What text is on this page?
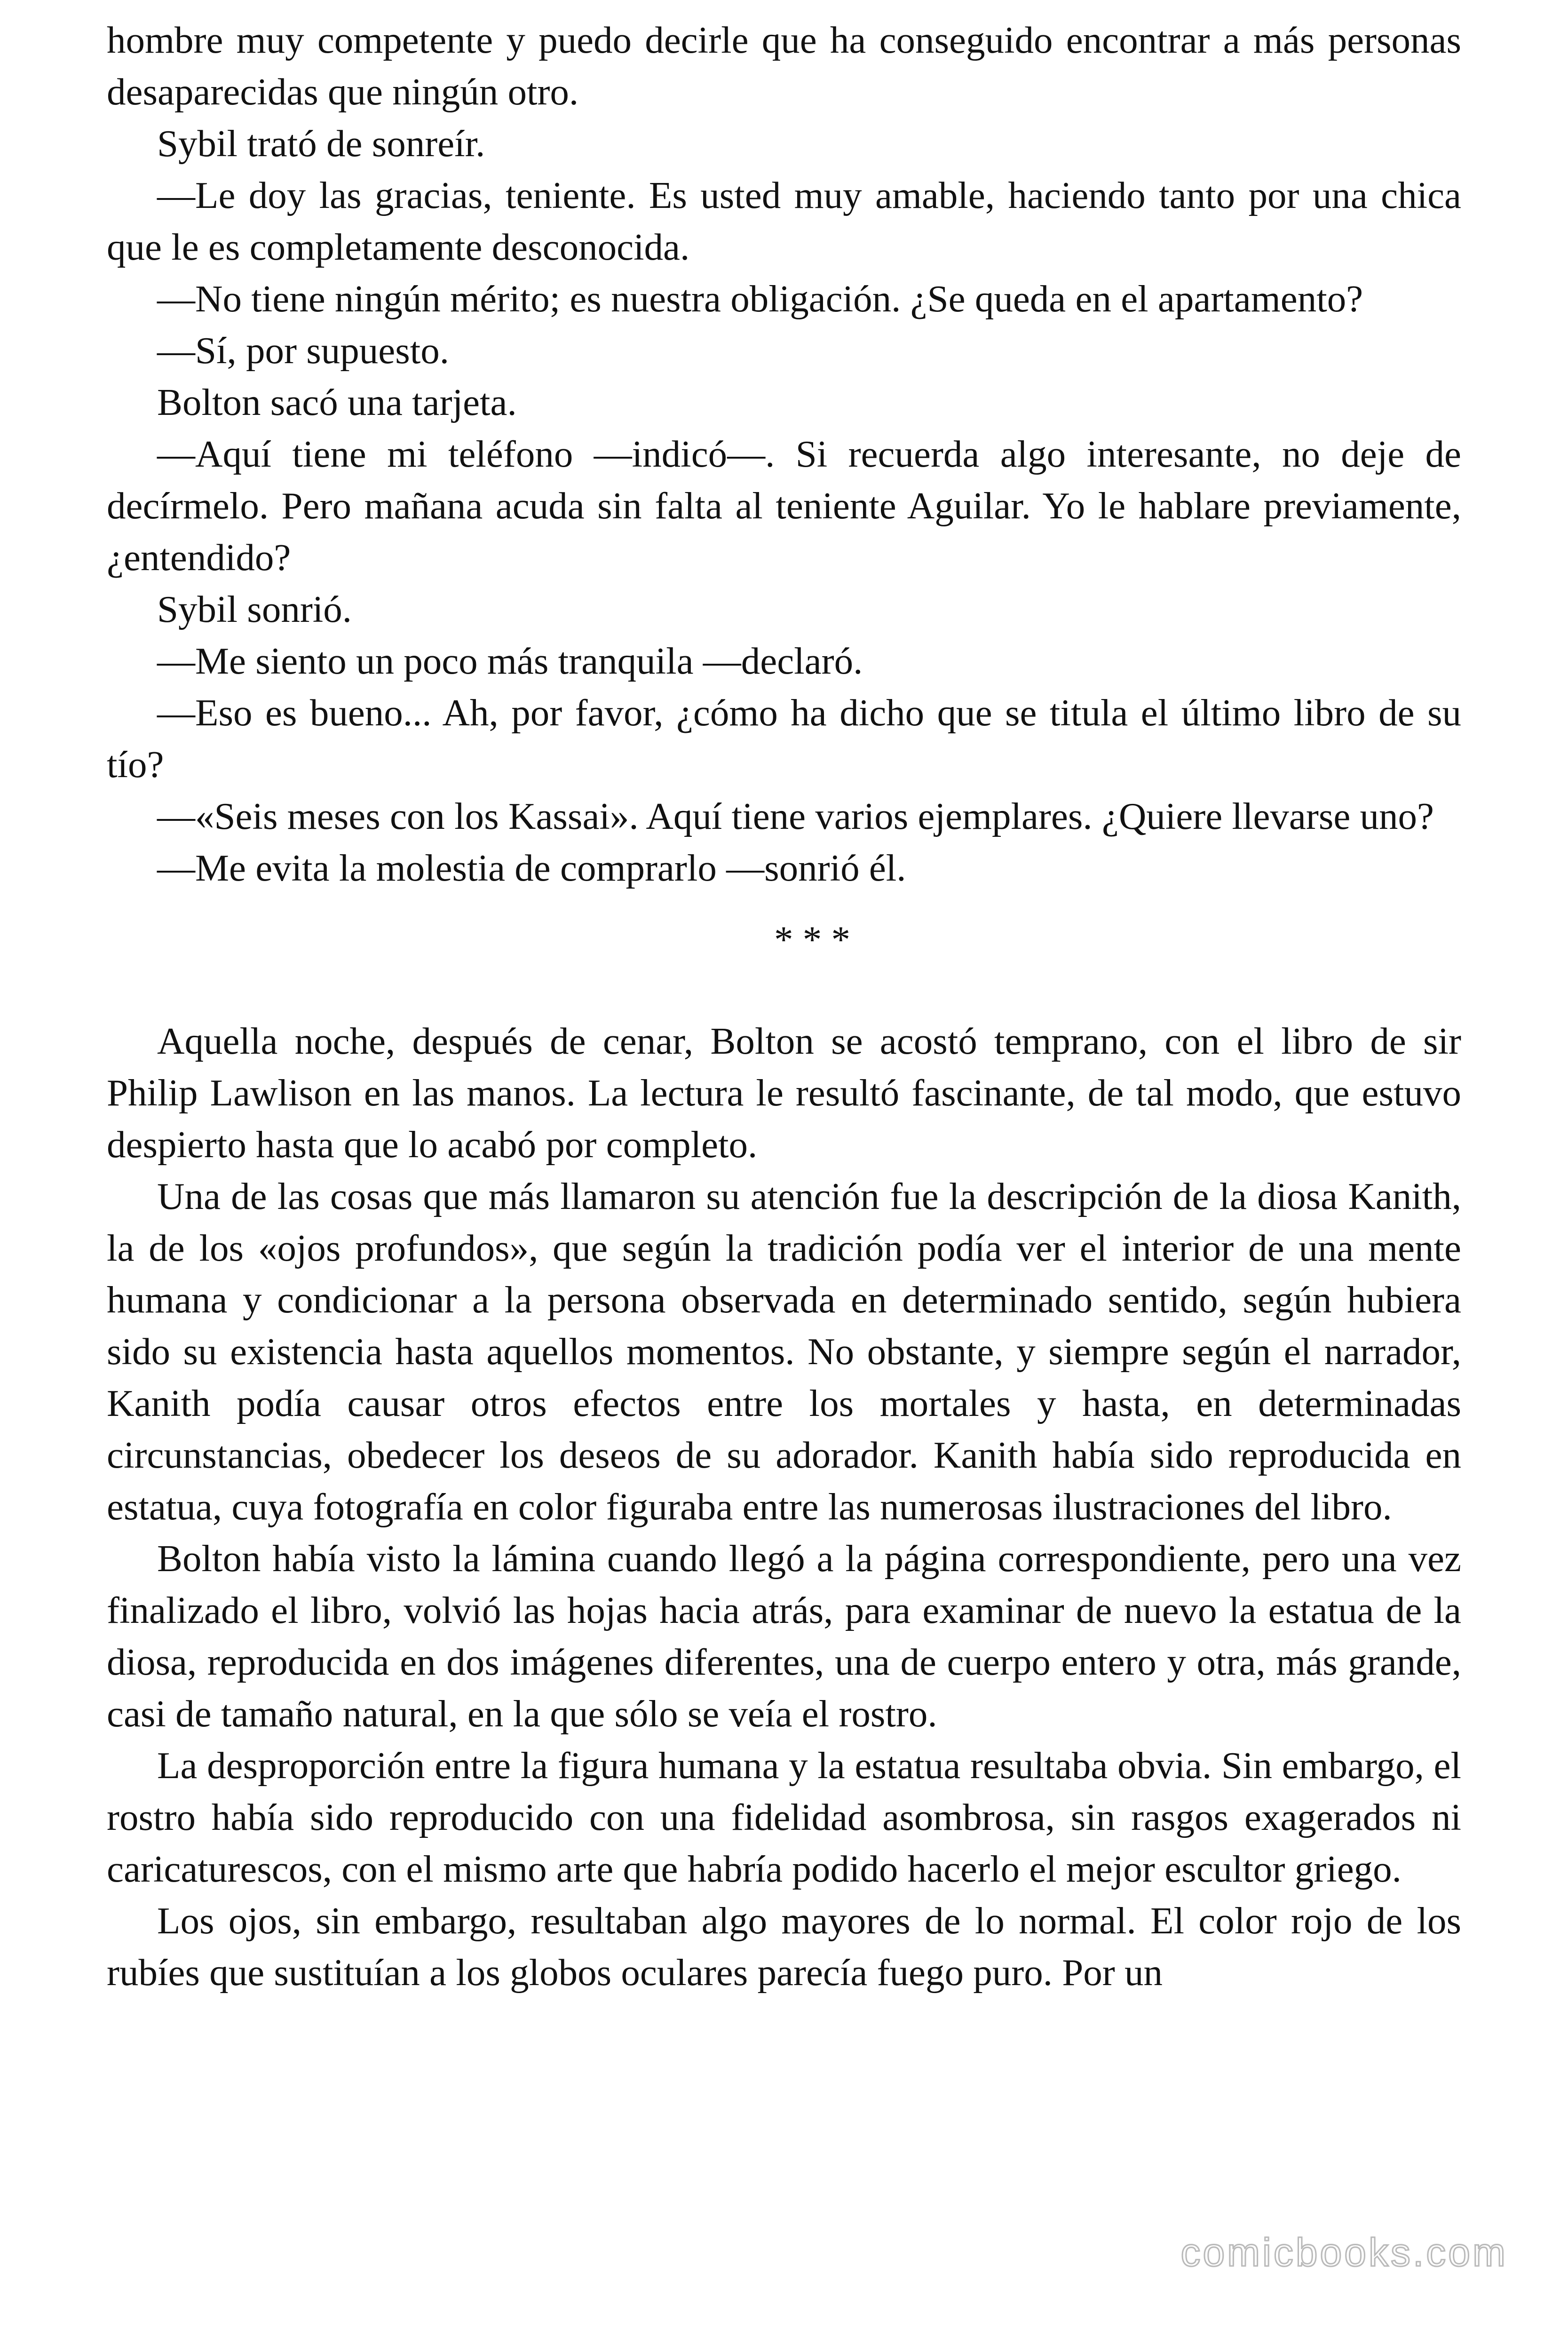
hombre muy competente y puedo decirle que ha conseguido encontrar a más personas desaparecidas que ningún otro.

Sybil trató de sonreír.

—Le doy las gracias, teniente. Es usted muy amable, haciendo tanto por una chica que le es completamente desconocida.

—No tiene ningún mérito; es nuestra obligación. ¿Se queda en el apartamento?

—Sí, por supuesto.

Bolton sacó una tarjeta.

—Aquí tiene mi teléfono —indicó—. Si recuerda algo interesante, no deje de decírmelo. Pero mañana acuda sin falta al teniente Aguilar. Yo le hablare previamente, ¿entendido?

Sybil sonrió.

—Me siento un poco más tranquila —declaró.

—Eso es bueno... Ah, por favor, ¿cómo ha dicho que se titula el último libro de su tío?

—«Seis meses con los Kassai». Aquí tiene varios ejemplares. ¿Quiere llevarse uno?

—Me evita la molestia de comprarlo —sonrió él.

* * *

Aquella noche, después de cenar, Bolton se acostó temprano, con el libro de sir Philip Lawlison en las manos. La lectura le resultó fascinante, de tal modo, que estuvo despierto hasta que lo acabó por completo.

Una de las cosas que más llamaron su atención fue la descripción de la diosa Kanith, la de los «ojos profundos», que según la tradición podía ver el interior de una mente humana y condicionar a la persona observada en determinado sentido, según hubiera sido su existencia hasta aquellos momentos. No obstante, y siempre según el narrador, Kanith podía causar otros efectos entre los mortales y hasta, en determinadas circunstancias, obedecer los deseos de su adorador. Kanith había sido reproducida en estatua, cuya fotografía en color figuraba entre las numerosas ilustraciones del libro.

Bolton había visto la lámina cuando llegó a la página correspondiente, pero una vez finalizado el libro, volvió las hojas hacia atrás, para examinar de nuevo la estatua de la diosa, reproducida en dos imágenes diferentes, una de cuerpo entero y otra, más grande, casi de tamaño natural, en la que sólo se veía el rostro.

La desproporción entre la figura humana y la estatua resultaba obvia. Sin embargo, el rostro había sido reproducido con una fidelidad asombrosa, sin rasgos exagerados ni caricaturescos, con el mismo arte que habría podido hacerlo el mejor escultor griego.

Los ojos, sin embargo, resultaban algo mayores de lo normal. El color rojo de los rubíes que sustituían a los globos oculares parecía fuego puro. Por un

comicbooks.com
